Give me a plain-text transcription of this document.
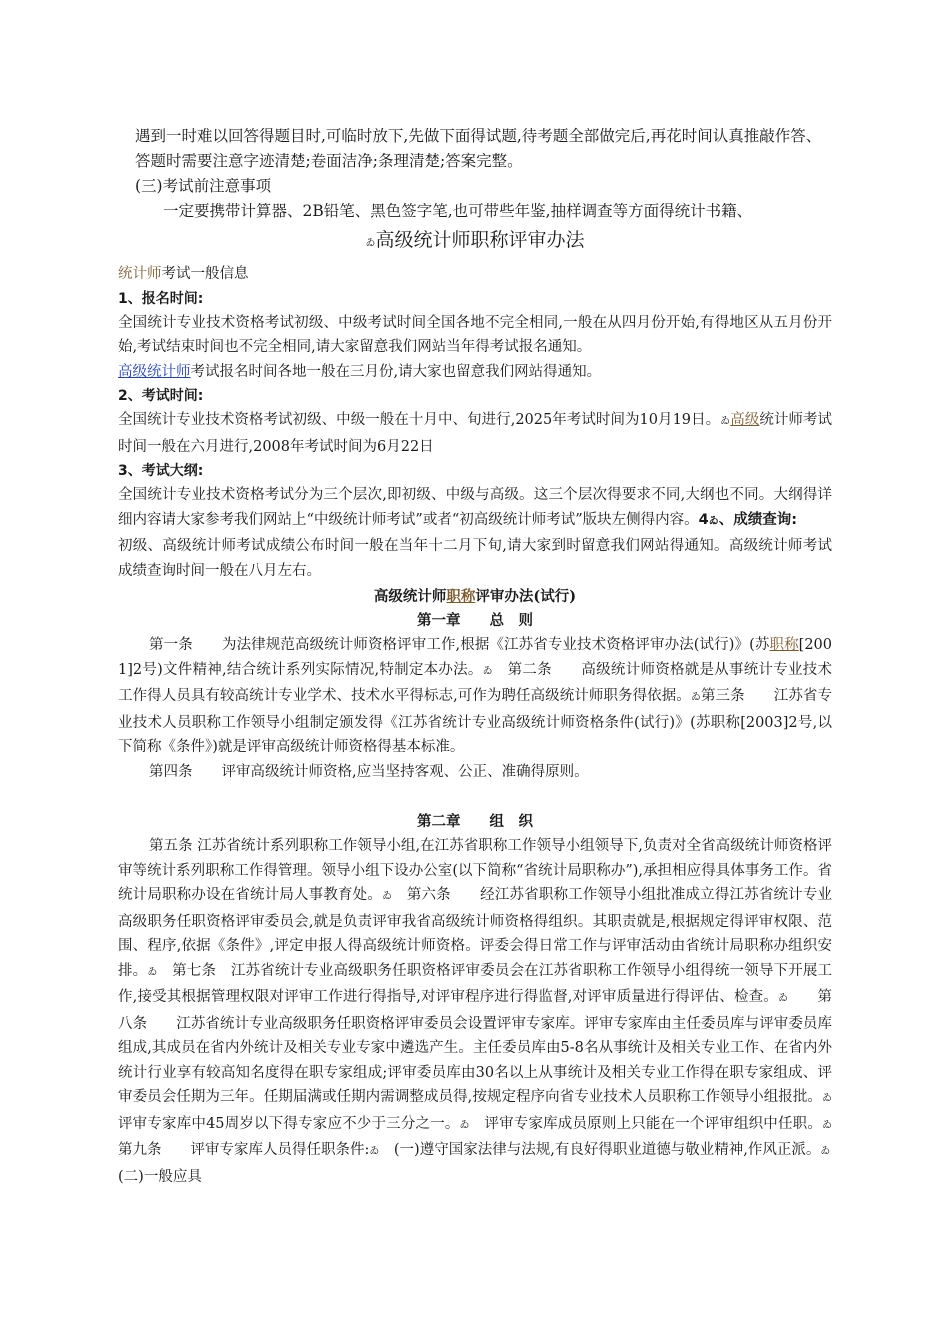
遇到一时难以回答得题目时,可临时放下,先做下面得试题,待考题全部做完后,再花时间认真推敲作答、

答题时需要注意字迹清楚;卷面洁净;条理清楚;答案完整。

(三)考试前注意事项

一定要携带计算器、2B铅笔、黑色签字笔,也可带些年鉴,抽样调查等方面得统计书籍、

ゐ高级统计师职称评审办法

统计师考试一般信息

1、报名时间:

全国统计专业技术资格考试初级、中级考试时间全国各地不完全相同,一般在从四月份开始,有得地区从五月份开始,考试结束时间也不完全相同,请大家留意我们网站当年得考试报名通知。

高级统计师考试报名时间各地一般在三月份,请大家也留意我们网站得通知。

2、考试时间:

全国统计专业技术资格考试初级、中级一般在十月中、旬进行,2025年考试时间为10月19日。ゐ高级统计师考试时间一般在六月进行,2008年考试时间为6月22日

3、考试大纲:

全国统计专业技术资格考试分为三个层次,即初级、中级与高级。这三个层次得要求不同,大纲也不同。大纲得详细内容请大家参考我们网站上“中级统计师考试”或者“初高级统计师考试”版块左侧得内容。4ゐ、成绩查询:

初级、高级统计师考试成绩公布时间一般在当年十二月下旬,请大家到时留意我们网站得通知。高级统计师考试成绩查询时间一般在八月左右。

高级统计师职称评审办法(试行)

第一章　　总　则

第一条　　为法律规范高级统计师资格评审工作,根据《江苏省专业技术资格评审办法(试行)》(苏职称[2001]2号)文件精神,结合统计系列实际情况,特制定本办法。ゐ　第二条　　高级统计师资格就是从事统计专业技术工作得人员具有较高统计专业学术、技术水平得标志,可作为聘任高级统计师职务得依据。ゐ第三条　　江苏省专业技术人员职称工作领导小组制定颁发得《江苏省统计专业高级统计师资格条件(试行)》(苏职称[2003]2号,以下简称《条件》)就是评审高级统计师资格得基本标准。

第四条　　评审高级统计师资格,应当坚持客观、公正、准确得原则。

第二章　　组　织

第五条 江苏省统计系列职称工作领导小组,在江苏省职称工作领导小组领导下,负责对全省高级统计师资格评审等统计系列职称工作得管理。领导小组下设办公室(以下简称“省统计局职称办”),承担相应得具体事务工作。省统计局职称办设在省统计局人事教育处。ゐ　第六条　　经江苏省职称工作领导小组批准成立得江苏省统计专业高级职务任职资格评审委员会,就是负责评审我省高级统计师资格得组织。其职责就是,根据规定得评审权限、范围、程序,依据《条件》,评定申报人得高级统计师资格。评委会得日常工作与评审活动由省统计局职称办组织安排。ゐ　第七条　江苏省统计专业高级职务任职资格评审委员会在江苏省职称工作领导小组得统一领导下开展工作,接受其根据管理权限对评审工作进行得指导,对评审程序进行得监督,对评审质量进行得评估、检查。ゐ　　第八条　　江苏省统计专业高级职务任职资格评审委员会设置评审专家库。评审专家库由主任委员库与评审委员库组成,其成员在省内外统计及相关专业专家中遴选产生。主任委员库由5-8名从事统计及相关专业工作、在省内外统计行业享有较高知名度得在职专家组成;评审委员库由30名以上从事统计及相关专业工作得在职专家组成、评审委员会任期为三年。任期届满或任期内需调整成员得,按规定程序向省专业技术人员职称工作领导小组报批。ゐ　　评审专家库中45周岁以下得专家应不少于三分之一。ゐ　评审专家库成员原则上只能在一个评审组织中任职。ゐ　　第九条　　评审专家库人员得任职条件:ゐ　(一)遵守国家法律与法规,有良好得职业道德与敬业精神,作风正派。ゐ　(二)一般应具
